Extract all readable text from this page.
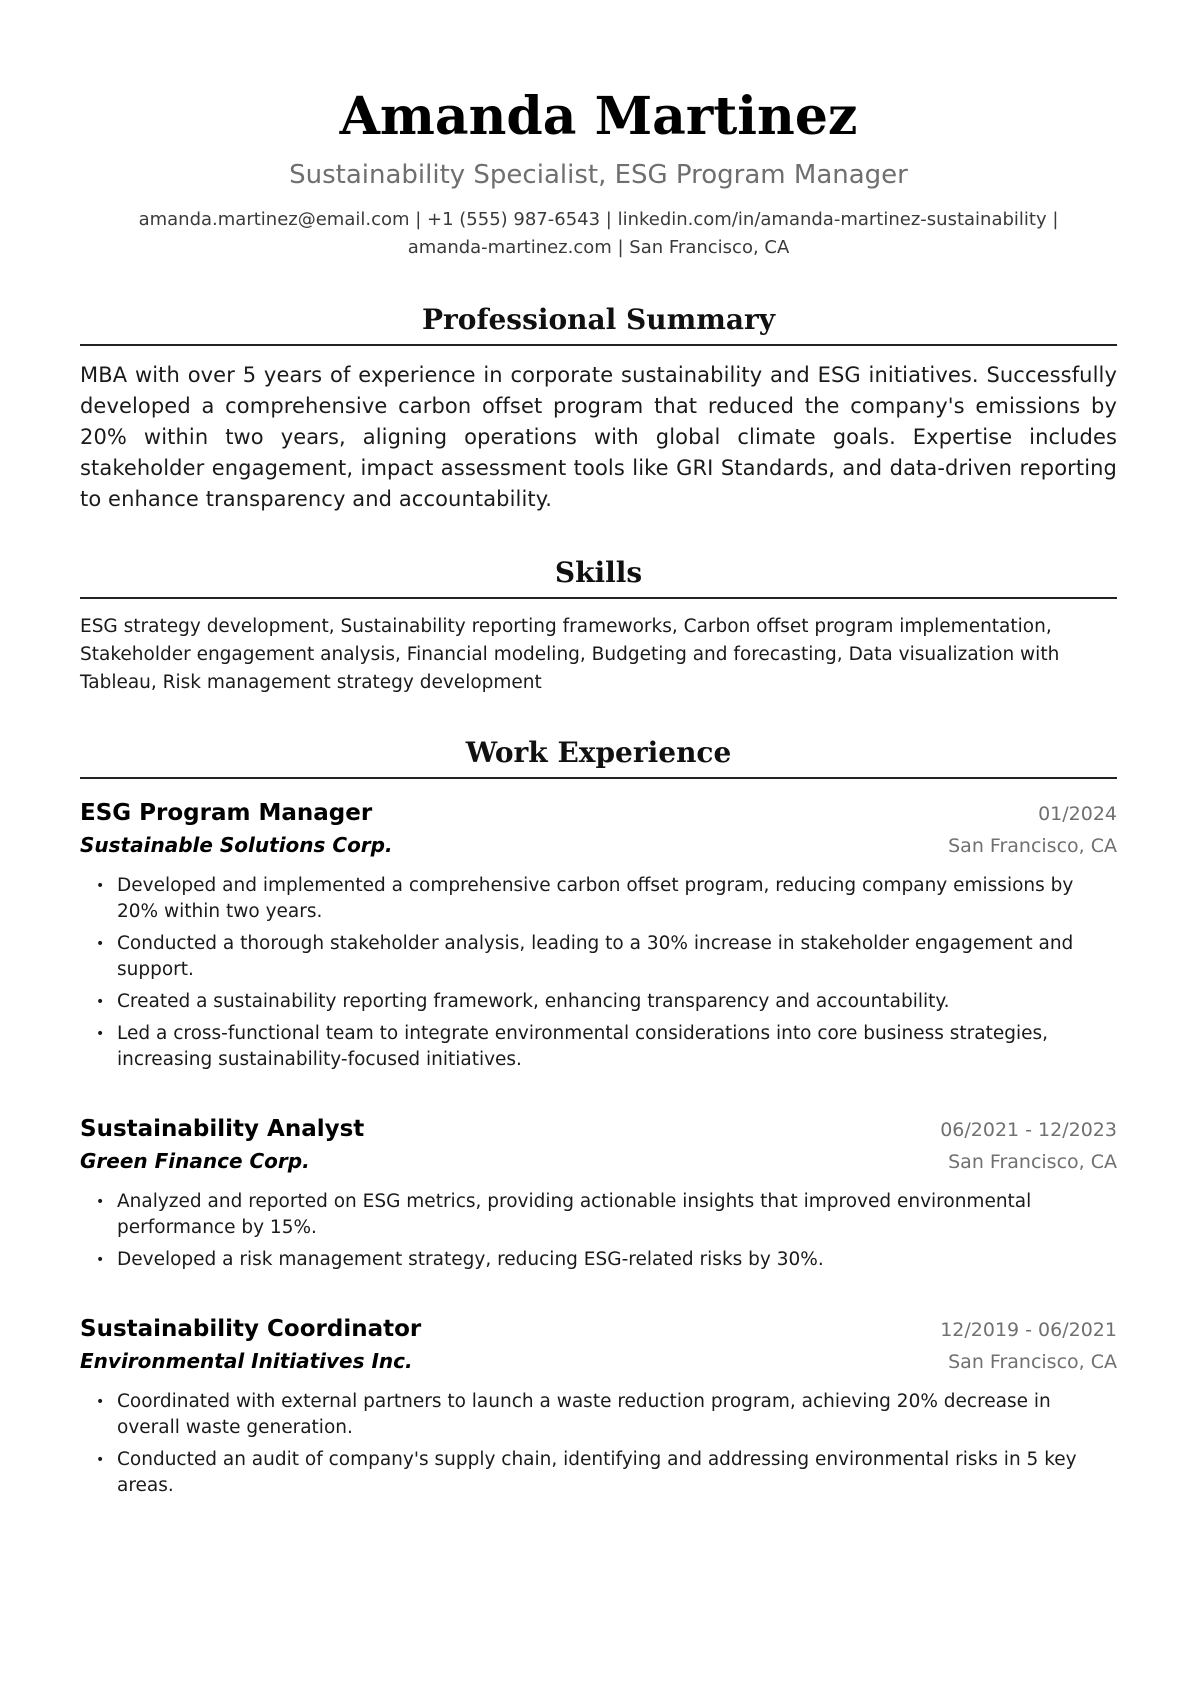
Amanda Martinez
Sustainability Specialist, ESG Program Manager
amanda.martinez@email.com | +1 (555) 987-6543 | linkedin.com/in/amanda-martinez-sustainability |
amanda-martinez.com | San Francisco, CA
Professional Summary
MBA with over 5 years of experience in corporate sustainability and ESG initiatives. Successfully developed a comprehensive carbon offset program that reduced the company's emissions by 20% within two years, aligning operations with global climate goals. Expertise includes stakeholder engagement, impact assessment tools like GRI Standards, and data-driven reporting to enhance transparency and accountability.
Skills
ESG strategy development, Sustainability reporting frameworks, Carbon offset program implementation, Stakeholder engagement analysis, Financial modeling, Budgeting and forecasting, Data visualization with Tableau, Risk management strategy development
Work Experience
ESG Program Manager	01/2024
Sustainable Solutions Corp.	San Francisco, CA
• Developed and implemented a comprehensive carbon offset program, reducing company emissions by 20% within two years.
• Conducted a thorough stakeholder analysis, leading to a 30% increase in stakeholder engagement and support.
• Created a sustainability reporting framework, enhancing transparency and accountability.
• Led a cross-functional team to integrate environmental considerations into core business strategies, increasing sustainability-focused initiatives.
Sustainability Analyst	06/2021 - 12/2023
Green Finance Corp.	San Francisco, CA
• Analyzed and reported on ESG metrics, providing actionable insights that improved environmental performance by 15%.
• Developed a risk management strategy, reducing ESG-related risks by 30%.
Sustainability Coordinator	12/2019 - 06/2021
Environmental Initiatives Inc.	San Francisco, CA
• Coordinated with external partners to launch a waste reduction program, achieving 20% decrease in overall waste generation.
• Conducted an audit of company's supply chain, identifying and addressing environmental risks in 5 key areas.
